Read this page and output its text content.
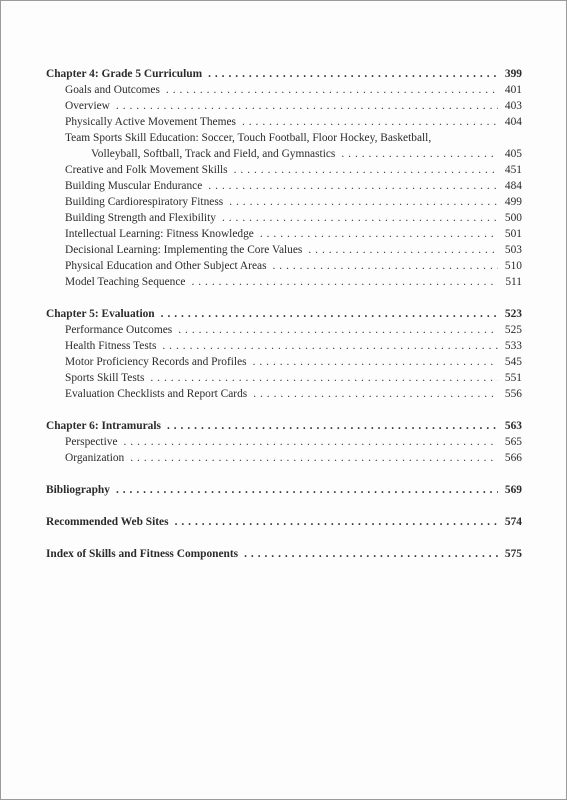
Chapter 4: Grade 5 Curriculum . . .	399
Goals and Outcomes . . .	401
Overview . . .	403
Physically Active Movement Themes . . .	404
Team Sports Skill Education: Soccer, Touch Football, Floor Hockey, Basketball,
Volleyball, Softball, Track and Field, and Gymnastics . . .	405
Creative and Folk Movement Skills . . .	451
Building Muscular Endurance . . .	484
Building Cardiorespiratory Fitness . . .	499
Building Strength and Flexibility . . .	500
Intellectual Learning: Fitness Knowledge . . .	501
Decisional Learning: Implementing the Core Values . . .	503
Physical Education and Other Subject Areas . . .	510
Model Teaching Sequence . . .	511
Chapter 5: Evaluation . . .	523
Performance Outcomes . . .	525
Health Fitness Tests . . .	533
Motor Proficiency Records and Profiles . . .	545
Sports Skill Tests . . .	551
Evaluation Checklists and Report Cards . . .	556
Chapter 6: Intramurals . . .	563
Perspective . . .	565
Organization . . .	566
Bibliography . . .	569
Recommended Web Sites . . .	574
Index of Skills and Fitness Components . . .	575
